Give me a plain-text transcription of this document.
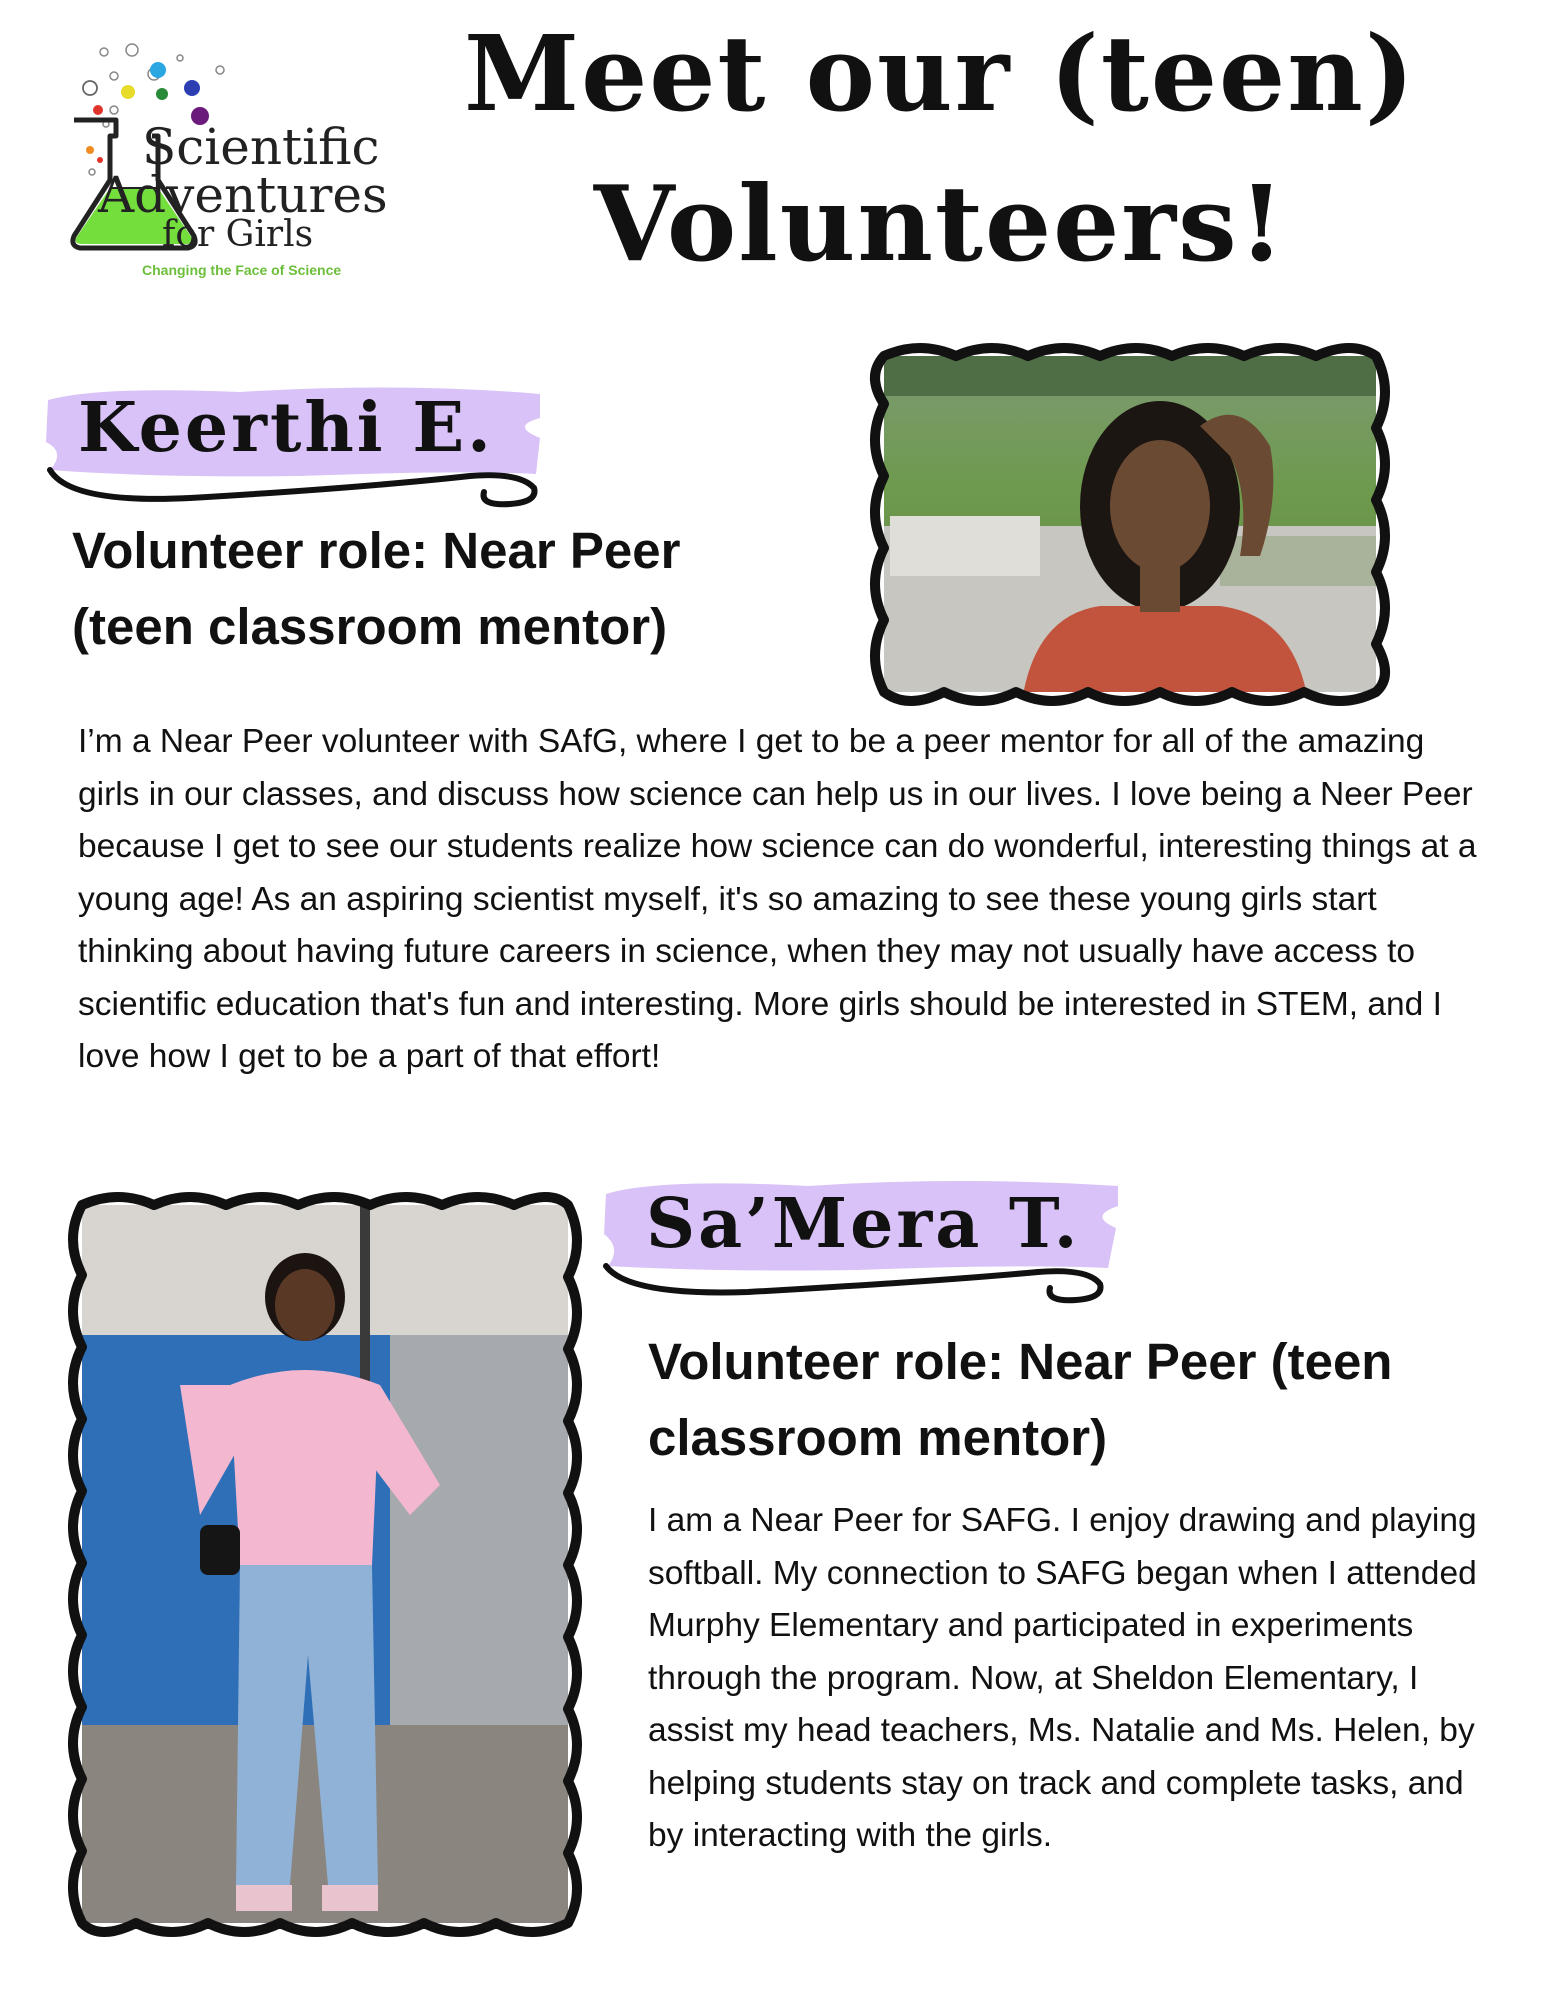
Scientific
Adventures
for Girls
Changing the Face of Science
Meet our (teen)
Volunteers!
Keerthi E.
Volunteer role: Near Peer (teen classroom mentor)

I’m a Near Peer volunteer with SAfG, where I get to be a peer mentor for all of the amazing girls in our classes, and discuss how science can help us in our lives. I love being a Neer Peer because I get to see our students realize how science can do wonderful, interesting things at a young age! As an aspiring scientist myself, it's so amazing to see these young girls start thinking about having future careers in science, when they may not usually have access to scientific education that's fun and interesting. More girls should be interested in STEM, and I love how I get to be a part of that effort!

Sa’Mera T.
Volunteer role: Near Peer (teen classroom mentor)

I am a Near Peer for SAFG. I enjoy drawing and playing softball. My connection to SAFG began when I attended Murphy Elementary and participated in experiments through the program. Now, at Sheldon Elementary, I assist my head teachers, Ms. Natalie and Ms. Helen, by helping students stay on track and complete tasks, and by interacting with the girls.
